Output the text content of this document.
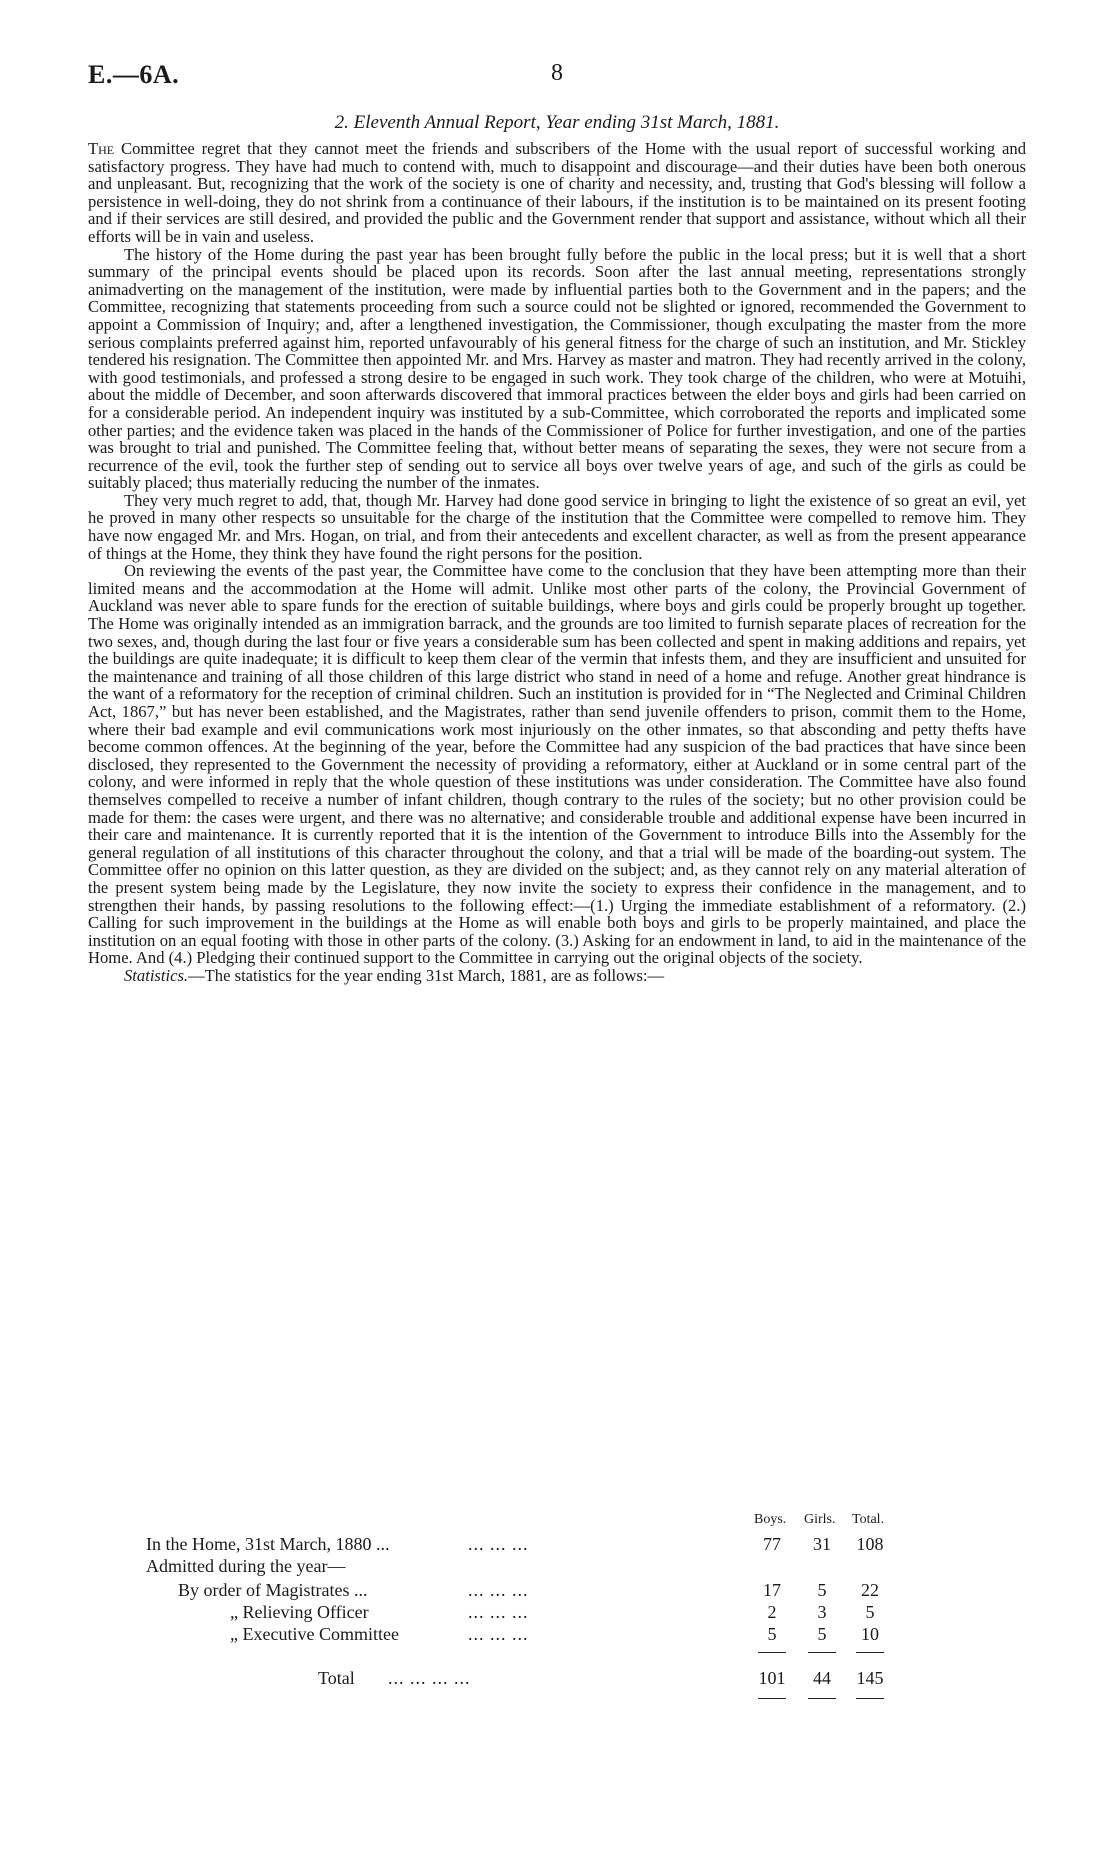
E.—6A.	8
2. Eleventh Annual Report, Year ending 31st March, 1881.

The Committee regret that they cannot meet the friends and subscribers of the Home with the usual report of successful working and satisfactory progress. They have had much to contend with, much to disappoint and discourage—and their duties have been both onerous and unpleasant. But, recognizing that the work of the society is one of charity and necessity, and, trusting that God's blessing will follow a persistence in well-doing, they do not shrink from a continuance of their labours, if the institution is to be maintained on its present footing and if their services are still desired, and provided the public and the Government render that support and assistance, without which all their efforts will be in vain and useless.

The history of the Home during the past year has been brought fully before the public in the local press; but it is well that a short summary of the principal events should be placed upon its records. Soon after the last annual meeting, representations strongly animadverting on the management of the institution, were made by influential parties both to the Government and in the papers; and the Committee, recognizing that statements proceeding from such a source could not be slighted or ignored, recommended the Government to appoint a Commission of Inquiry; and, after a lengthened investigation, the Commissioner, though exculpating the master from the more serious complaints preferred against him, reported unfavourably of his general fitness for the charge of such an institution, and Mr. Stickley tendered his resignation. The Committee then appointed Mr. and Mrs. Harvey as master and matron. They had recently arrived in the colony, with good testimonials, and professed a strong desire to be engaged in such work. They took charge of the children, who were at Motuihi, about the middle of December, and soon afterwards discovered that immoral practices between the elder boys and girls had been carried on for a considerable period. An independent inquiry was instituted by a sub-Committee, which corroborated the reports and implicated some other parties; and the evidence taken was placed in the hands of the Commissioner of Police for further investigation, and one of the parties was brought to trial and punished. The Committee feeling that, without better means of separating the sexes, they were not secure from a recurrence of the evil, took the further step of sending out to service all boys over twelve years of age, and such of the girls as could be suitably placed; thus materially reducing the number of the inmates.

They very much regret to add, that, though Mr. Harvey had done good service in bringing to light the existence of so great an evil, yet he proved in many other respects so unsuitable for the charge of the institution that the Committee were compelled to remove him. They have now engaged Mr. and Mrs. Hogan, on trial, and from their antecedents and excellent character, as well as from the present appearance of things at the Home, they think they have found the right persons for the position.

On reviewing the events of the past year, the Committee have come to the conclusion that they have been attempting more than their limited means and the accommodation at the Home will admit. Unlike most other parts of the colony, the Provincial Government of Auckland was never able to spare funds for the erection of suitable buildings, where boys and girls could be properly brought up together. The Home was originally intended as an immigration barrack, and the grounds are too limited to furnish separate places of recreation for the two sexes, and, though during the last four or five years a considerable sum has been collected and spent in making additions and repairs, yet the buildings are quite inadequate; it is difficult to keep them clear of the vermin that infests them, and they are insufficient and unsuited for the maintenance and training of all those children of this large district who stand in need of a home and refuge. Another great hindrance is the want of a reformatory for the reception of criminal children. Such an institution is provided for in “The Neglected and Criminal Children Act, 1867,” but has never been established, and the Magistrates, rather than send juvenile offenders to prison, commit them to the Home, where their bad example and evil communications work most injuriously on the other inmates, so that absconding and petty thefts have become common offences. At the beginning of the year, before the Committee had any suspicion of the bad practices that have since been disclosed, they represented to the Government the necessity of providing a reformatory, either at Auckland or in some central part of the colony, and were informed in reply that the whole question of these institutions was under consideration. The Committee have also found themselves compelled to receive a number of infant children, though contrary to the rules of the society; but no other provision could be made for them: the cases were urgent, and there was no alternative; and considerable trouble and additional expense have been incurred in their care and maintenance. It is currently reported that it is the intention of the Government to introduce Bills into the Assembly for the general regulation of all institutions of this character throughout the colony, and that a trial will be made of the boarding-out system. The Committee offer no opinion on this latter question, as they are divided on the subject; and, as they cannot rely on any material alteration of the present system being made by the Legislature, they now invite the society to express their confidence in the management, and to strengthen their hands, by passing resolutions to the following effect:—(1.) Urging the immediate establishment of a reformatory. (2.) Calling for such improvement in the buildings at the Home as will enable both boys and girls to be properly maintained, and place the institution on an equal footing with those in other parts of the colony. (3.) Asking for an endowment in land, to aid in the maintenance of the Home. And (4.) Pledging their continued support to the Committee in carrying out the original objects of the society.

Statistics.—The statistics for the year ending 31st March, 1881, are as follows:—

Boys. Girls. Total.
In the Home, 31st March, 1880 ...	... ... ...	77	31	108
Admitted during the year—
By order of Magistrates ...	... ... ...	17	5	22
„ Relieving Officer	... ... ...	2	3	5
„ Executive Committee	... ... ...	5	5	10
Total ... ... ... ...	101	44	145
